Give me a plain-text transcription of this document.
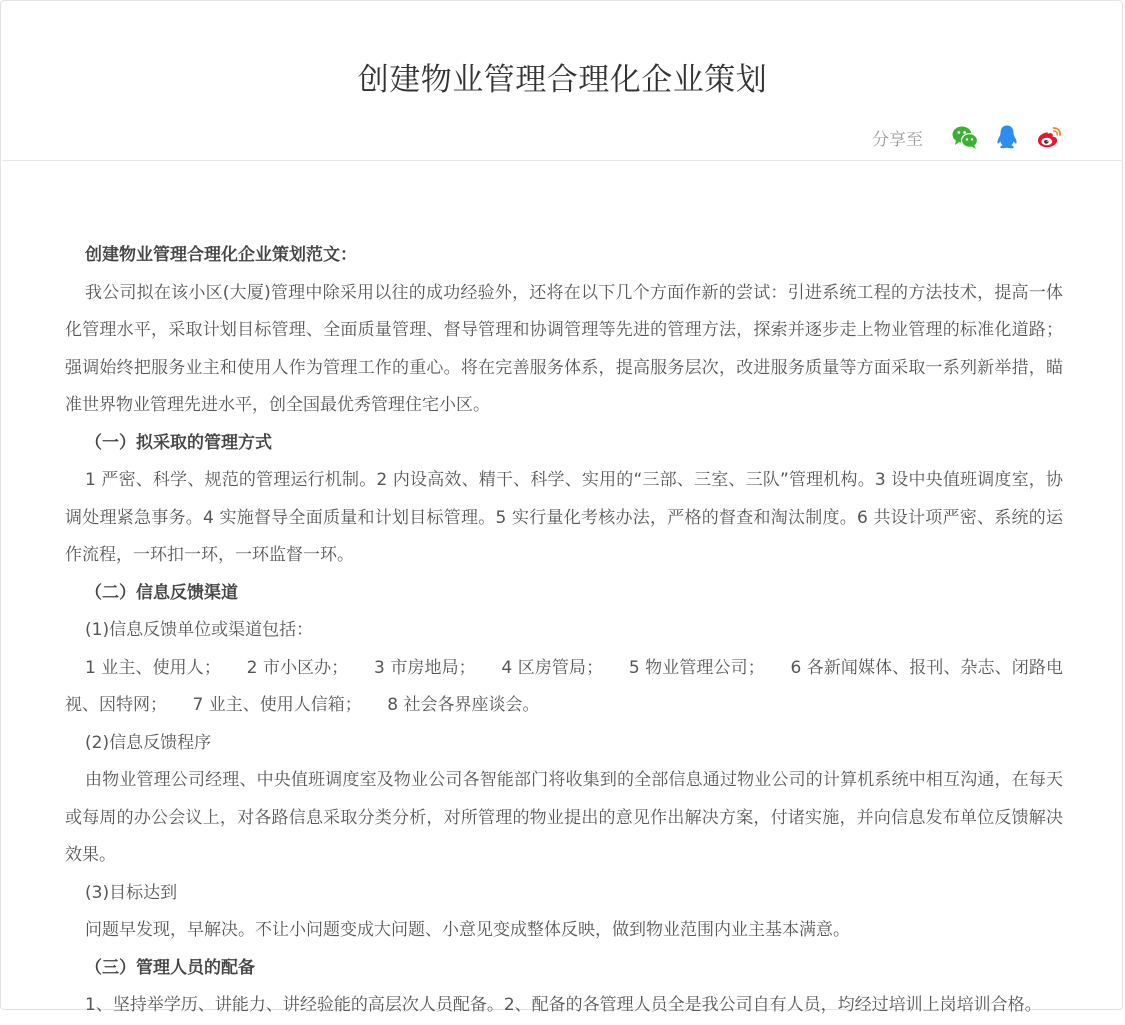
创建物业管理合理化企业策划
分享至

创建物业管理合理化企业策划范文：

我公司拟在该小区(大厦)管理中除采用以往的成功经验外，还将在以下几个方面作新的尝试：引进系统工程的方法技术，提高一体化管理水平，采取计划目标管理、全面质量管理、督导管理和协调管理等先进的管理方法，探索并逐步走上物业管理的标准化道路；强调始终把服务业主和使用人作为管理工作的重心。将在完善服务体系，提高服务层次，改进服务质量等方面采取一系列新举措，瞄准世界物业管理先进水平，创全国最优秀管理住宅小区。

（一）拟采取的管理方式

1 严密、科学、规范的管理运行机制。2 内设高效、精干、科学、实用的“三部、三室、三队”管理机构。3 设中央值班调度室，协调处理紧急事务。4 实施督导全面质量和计划目标管理。5 实行量化考核办法，严格的督查和淘汰制度。6 共设计项严密、系统的运作流程，一环扣一环，一环监督一环。

（二）信息反馈渠道

(1)信息反馈单位或渠道包括：

1 业主、使用人；　　2 市小区办；　　3 市房地局；　　4 区房管局；　　5 物业管理公司；　　6 各新闻媒体、报刊、杂志、闭路电视、因特网；　　7 业主、使用人信箱；　　8 社会各界座谈会。

(2)信息反馈程序

由物业管理公司经理、中央值班调度室及物业公司各智能部门将收集到的全部信息通过物业公司的计算机系统中相互沟通，在每天或每周的办公会议上，对各路信息采取分类分析，对所管理的物业提出的意见作出解决方案，付诸实施，并向信息发布单位反馈解决效果。

(3)目标达到

问题早发现，早解决。不让小问题变成大问题、小意见变成整体反映，做到物业范围内业主基本满意。

（三）管理人员的配备

1、坚持举学历、讲能力、讲经验能的高层次人员配备。2、配备的各管理人员全是我公司自有人员，均经过培训上岗培训合格。
